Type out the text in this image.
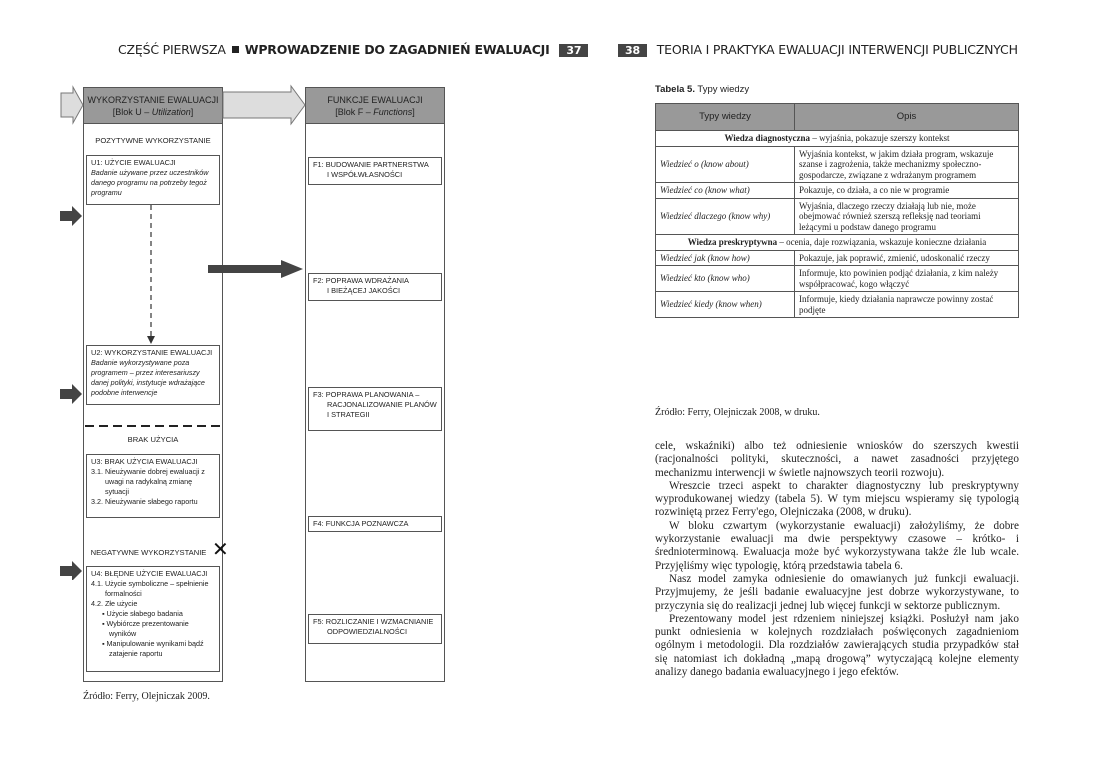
CZĘŚĆ PIERWSZA WPROWADZENIE DO ZAGADNIEŃ EWALUACJI 37
WYKORZYSTANIE EWALUACJI
[Blok U – Utilization]
FUNKCJE EWALUACJI
[Blok F – Functions]
POZYTYWNE WYKORZYSTANIE
U1: UŻYCIE EWALUACJI
Badanie używane przez uczestników danego programu na potrzeby tegoż programu
U2: WYKORZYSTANIE EWALUACJI
Badanie wykorzystywane poza programem – przez interesariuszy danej polityki, instytucje wdrażające podobne interwencje
BRAK UŻYCIA
U3: BRAK UŻYCIA EWALUACJI
3.1. Nieużywanie dobrej ewaluacji z uwagi na radykalną zmianę sytuacji
3.2. Nieużywanie słabego raportu
NEGATYWNE WYKORZYSTANIE ✕
U4: BŁĘDNE UŻYCIE EWALUACJI
4.1. Użycie symboliczne – spełnienie formalności
4.2. Złe użycie
▪ Użycie słabego badania
▪ Wybiórcze prezentowanie wyników
▪ Manipulowanie wynikami bądź zatajenie raportu
F1: BUDOWANIE PARTNERSTWA
I WSPÓŁWŁASNOŚCI
F2: POPRAWA WDRAŻANIA
I BIEŻĄCEJ JAKOŚCI
F3: POPRAWA PLANOWANIA –
RACJONALIZOWANIE PLANÓW
I STRATEGII
F4: FUNKCJA POZNAWCZA
F5: ROZLICZANIE I WZMACNIANIE
ODPOWIEDZIALNOŚCI
Źródło: Ferry, Olejniczak 2009.
38 TEORIA I PRAKTYKA EWALUACJI INTERWENCJI PUBLICZNYCH
Tabela 5. Typy wiedzy
Typy wiedzy	Opis
Wiedza diagnostyczna – wyjaśnia, pokazuje szerszy kontekst	
Wiedzieć o (know about)	Wyjaśnia kontekst, w jakim działa program, wskazuje szanse i zagrożenia, także mechanizmy społeczno-gospodarcze, związane z wdrażanym programem
Wiedzieć co (know what)	Pokazuje, co działa, a co nie w programie
Wiedzieć dlaczego (know why)	Wyjaśnia, dlaczego rzeczy działają lub nie, może obejmować również szerszą refleksję nad teoriami leżącymi u podstaw danego programu
Wiedza preskryptywna – ocenia, daje rozwiązania, wskazuje konieczne działania	
Wiedzieć jak (know how)	Pokazuje, jak poprawić, zmienić, udoskonalić rzeczy
Wiedzieć kto (know who)	Informuje, kto powinien podjąć działania, z kim należy współpracować, kogo włączyć
Wiedzieć kiedy (know when)	Informuje, kiedy działania naprawcze powinny zostać podjęte
Źródło: Ferry, Olejniczak 2008, w druku.

cele, wskaźniki) albo też odniesienie wniosków do szerszych kwestii (racjonalności polityki, skuteczności, a nawet zasadności przyjętego mechanizmu interwencji w świetle najnowszych teorii rozwoju).

Wreszcie trzeci aspekt to charakter diagnostyczny lub preskryptywny wyprodukowanej wiedzy (tabela 5). W tym miejscu wspieramy się typologią rozwiniętą przez Ferry'ego, Olejniczaka (2008, w druku).

W bloku czwartym (wykorzystanie ewaluacji) założyliśmy, że dobre wykorzystanie ewaluacji ma dwie perspektywy czasowe – krótko- i średnioterminową. Ewaluacja może być wykorzystywana także źle lub wcale. Przyjęliśmy więc typologię, którą przedstawia tabela 6.

Nasz model zamyka odniesienie do omawianych już funkcji ewaluacji. Przyjmujemy, że jeśli badanie ewaluacyjne jest dobrze wykorzystywane, to przyczynia się do realizacji jednej lub więcej funkcji w sektorze publicznym.

Prezentowany model jest rdzeniem niniejszej książki. Posłużył nam jako punkt odniesienia w kolejnych rozdziałach poświęconych zagadnieniom ogólnym i metodologii. Dla rozdziałów zawierających studia przypadków stał się natomiast ich dokładną „mapą drogową” wytyczającą kolejne elementy analizy danego badania ewaluacyjnego i jego efektów.
